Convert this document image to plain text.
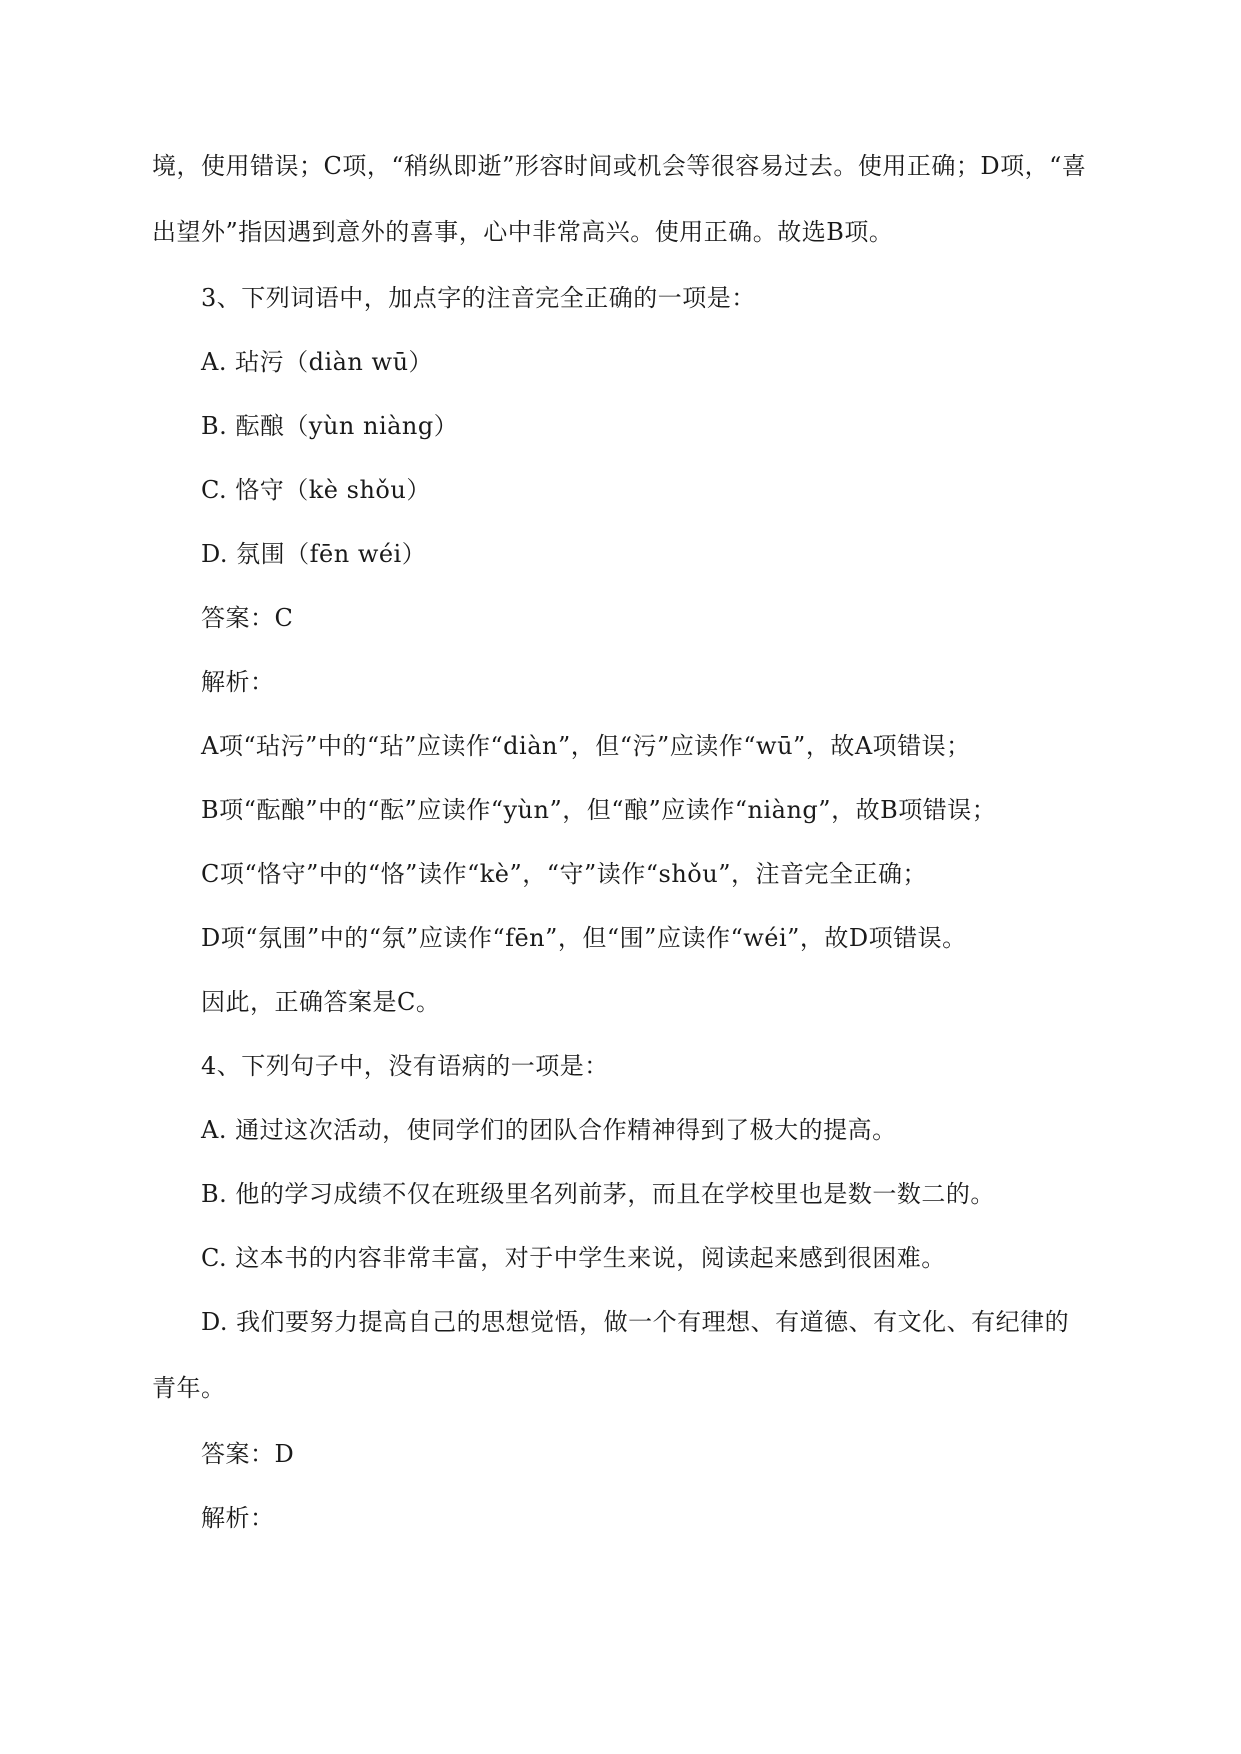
境，使用错误；C项，“稍纵即逝”形容时间或机会等很容易过去。使用正确；D项，“喜
出望外”指因遇到意外的喜事，心中非常高兴。使用正确。故选B项。
3、下列词语中，加点字的注音完全正确的一项是：
A. 玷污（diàn wū）
B. 酝酿（yùn niàng）
C. 恪守（kè shǒu）
D. 氛围（fēn wéi）
答案：C
解析：
A项“玷污”中的“玷”应读作“diàn”，但“污”应读作“wū”，故A项错误；
B项“酝酿”中的“酝”应读作“yùn”，但“酿”应读作“niàng”，故B项错误；
C项“恪守”中的“恪”读作“kè”，“守”读作“shǒu”，注音完全正确；
D项“氛围”中的“氛”应读作“fēn”，但“围”应读作“wéi”，故D项错误。
因此，正确答案是C。
4、下列句子中，没有语病的一项是：
A. 通过这次活动，使同学们的团队合作精神得到了极大的提高。
B. 他的学习成绩不仅在班级里名列前茅，而且在学校里也是数一数二的。
C. 这本书的内容非常丰富，对于中学生来说，阅读起来感到很困难。
D. 我们要努力提高自己的思想觉悟，做一个有理想、有道德、有文化、有纪律的
青年。
答案：D
解析：
